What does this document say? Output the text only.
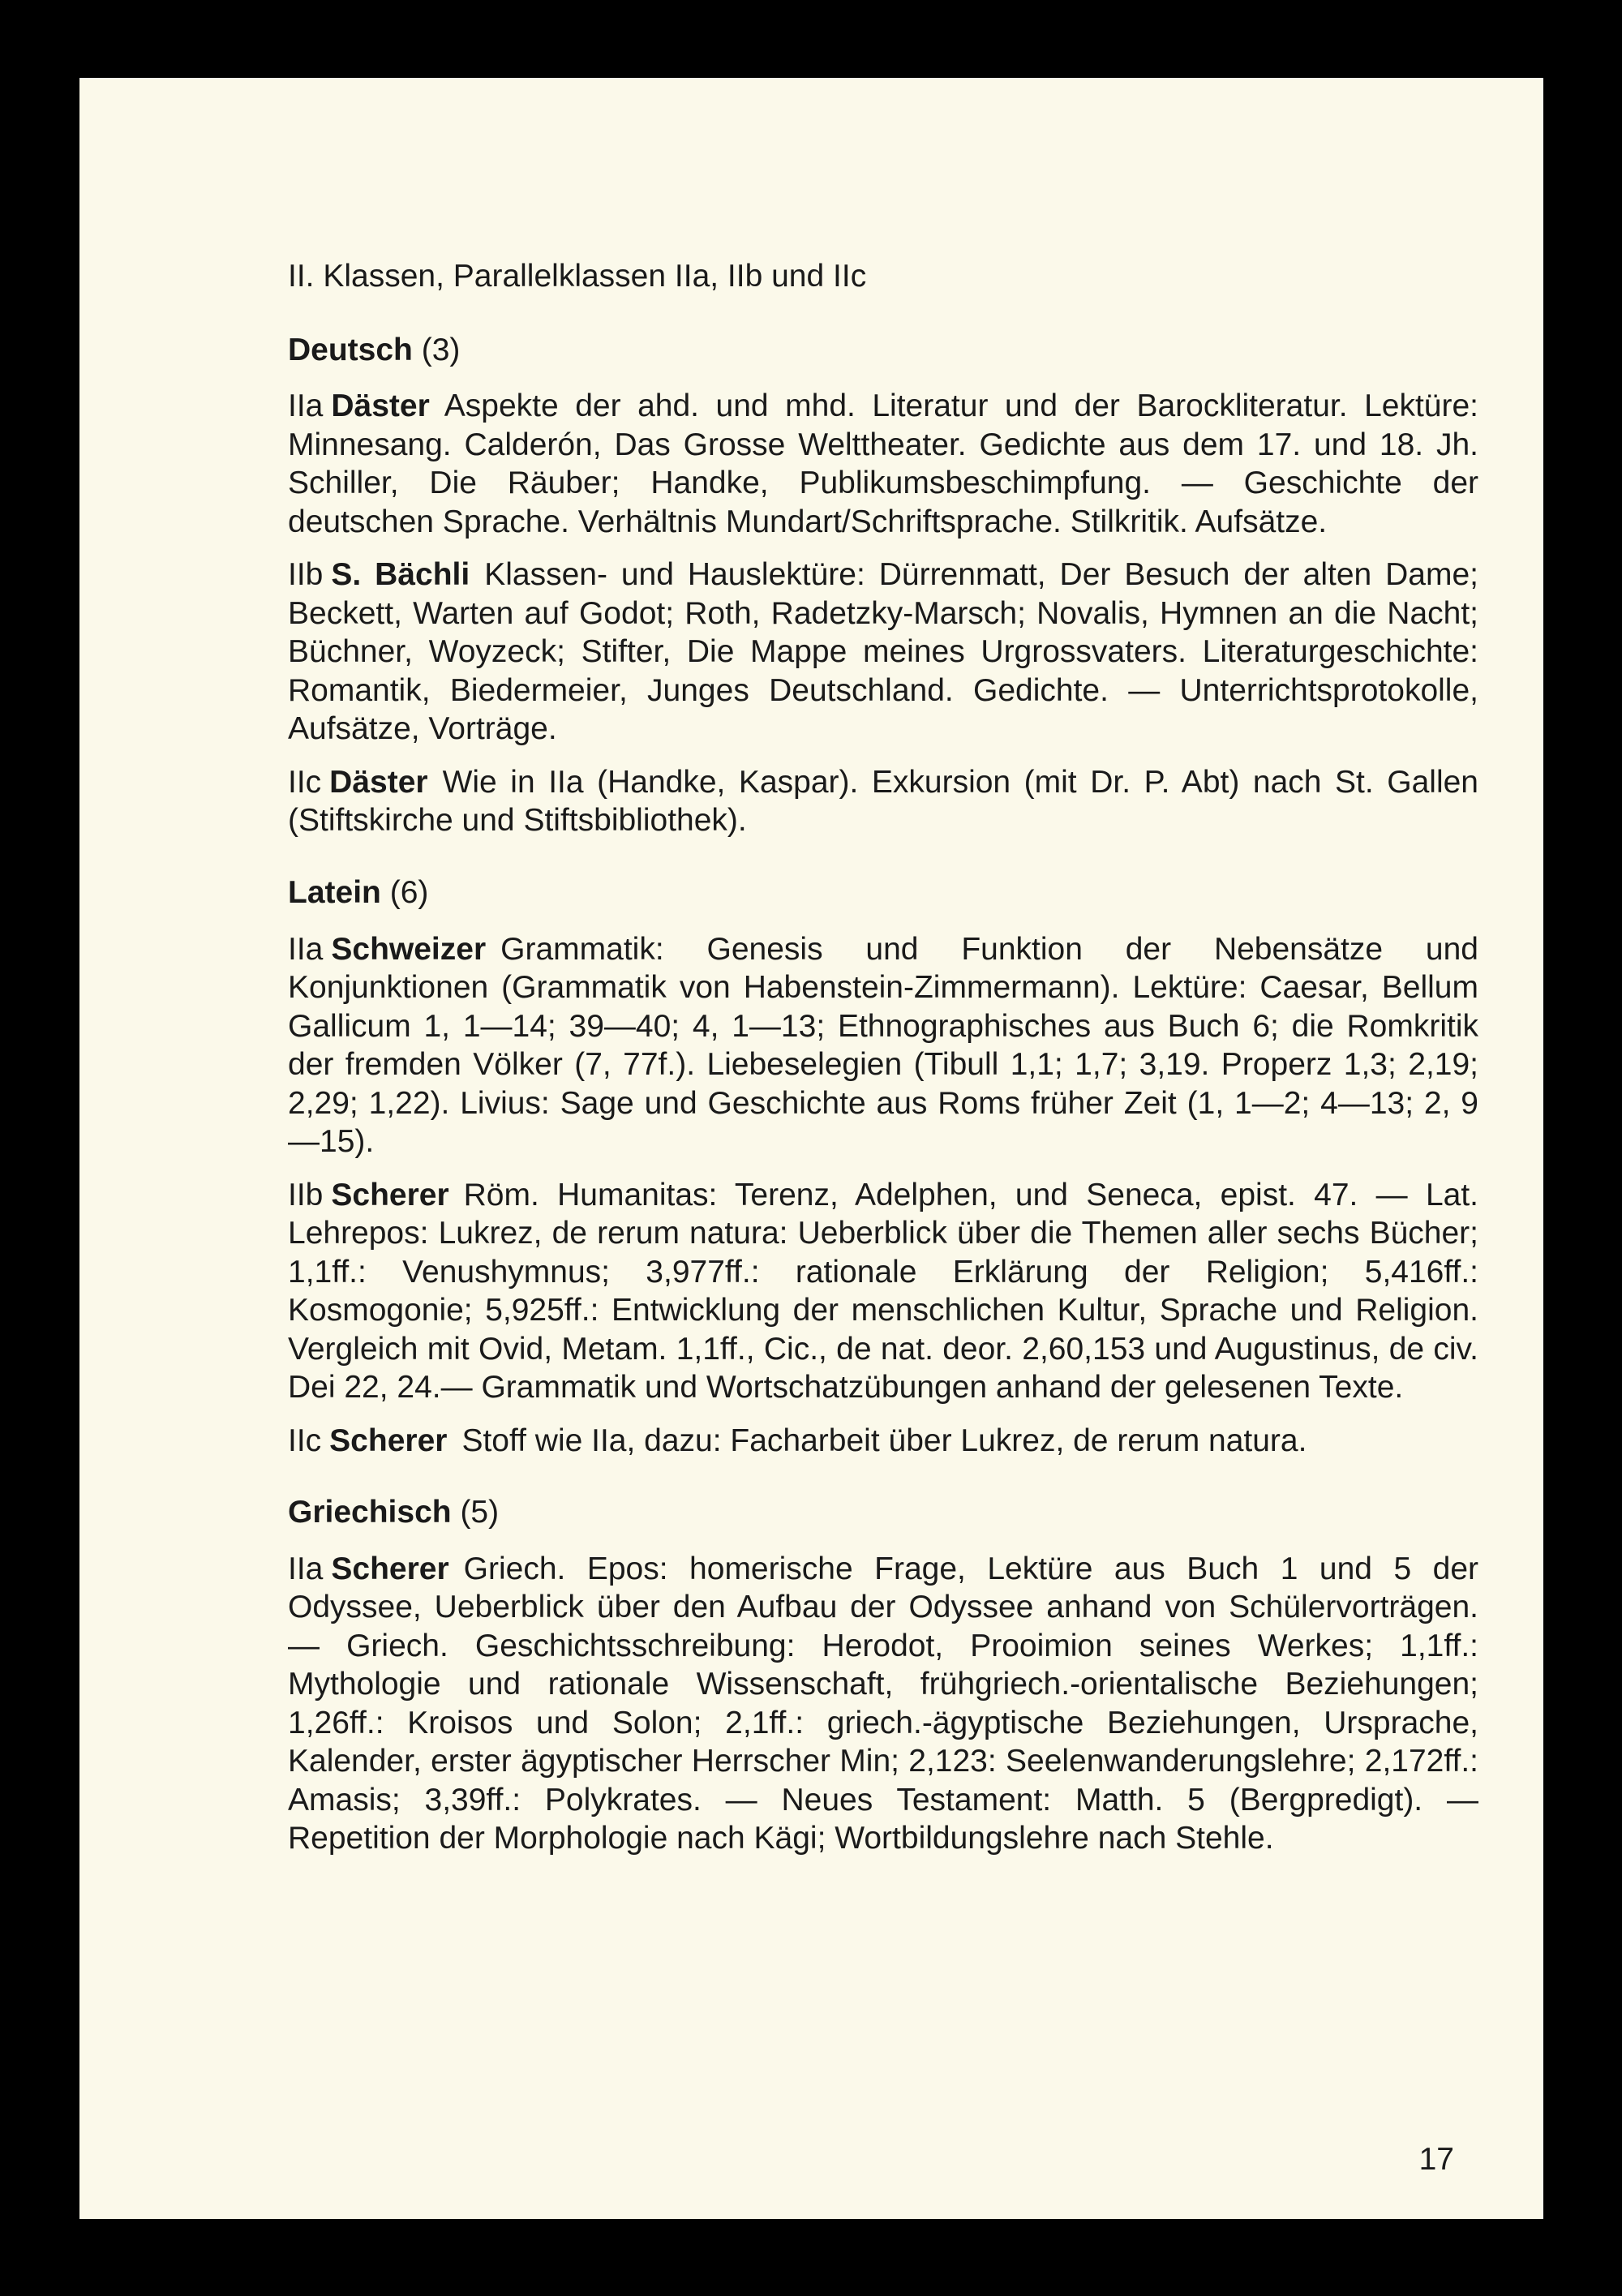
II. Klassen, Parallelklassen IIa, IIb und IIc
Deutsch (3)

IIa Däster Aspekte der ahd. und mhd. Literatur und der Barockliteratur. Lektüre: Minnesang. Calderón, Das Grosse Welttheater. Gedichte aus dem 17. und 18. Jh. Schiller, Die Räuber; Handke, Publikumsbeschimpfung. — Geschichte der deutschen Sprache. Verhältnis Mundart/Schriftsprache. Stilkritik. Aufsätze.

IIb S. Bächli Klassen- und Hauslektüre: Dürrenmatt, Der Besuch der alten Dame; Beckett, Warten auf Godot; Roth, Radetzky-Marsch; Novalis, Hymnen an die Nacht; Büchner, Woyzeck; Stifter, Die Mappe meines Urgrossvaters. Literaturgeschichte: Romantik, Biedermeier, Junges Deutschland. Gedichte. — Unterrichtsprotokolle, Aufsätze, Vorträge.

IIc Däster Wie in IIa (Handke, Kaspar). Exkursion (mit Dr. P. Abt) nach St. Gallen (Stiftskirche und Stiftsbibliothek).

Latein (6)

IIa Schweizer Grammatik: Genesis und Funktion der Nebensätze und Konjunktionen (Grammatik von Habenstein-Zimmermann). Lektüre: Caesar, Bellum Gallicum 1, 1—14; 39—40; 4, 1—13; Ethnographisches aus Buch 6; die Romkritik der fremden Völker (7, 77f.). Liebeselegien (Tibull 1,1; 1,7; 3,19. Properz 1,3; 2,19; 2,29; 1,22). Livius: Sage und Geschichte aus Roms früher Zeit (1, 1—2; 4—13; 2, 9—15).

IIb Scherer Röm. Humanitas: Terenz, Adelphen, und Seneca, epist. 47. — Lat. Lehrepos: Lukrez, de rerum natura: Ueberblick über die Themen aller sechs Bücher; 1,1ff.: Venushymnus; 3,977ff.: rationale Erklärung der Religion; 5,416ff.: Kosmogonie; 5,925ff.: Entwicklung der menschlichen Kultur, Sprache und Religion. Vergleich mit Ovid, Metam. 1,1ff., Cic., de nat. deor. 2,60,153 und Augustinus, de civ. Dei 22, 24.— Grammatik und Wortschatzübungen anhand der gelesenen Texte.

IIc Scherer Stoff wie IIa, dazu: Facharbeit über Lukrez, de rerum natura.

Griechisch (5)

IIa Scherer Griech. Epos: homerische Frage, Lektüre aus Buch 1 und 5 der Odyssee, Ueberblick über den Aufbau der Odyssee anhand von Schülervorträgen. — Griech. Geschichtsschreibung: Herodot, Prooimion seines Werkes; 1,1ff.: Mythologie und rationale Wissenschaft, frühgriech.-orientalische Beziehungen; 1,26ff.: Kroisos und Solon; 2,1ff.: griech.-ägyptische Beziehungen, Ursprache, Kalender, erster ägyptischer Herrscher Min; 2,123: Seelenwanderungslehre; 2,172ff.: Amasis; 3,39ff.: Polykrates. — Neues Testament: Matth. 5 (Bergpredigt). — Repetition der Morphologie nach Kägi; Wortbildungslehre nach Stehle.

17
